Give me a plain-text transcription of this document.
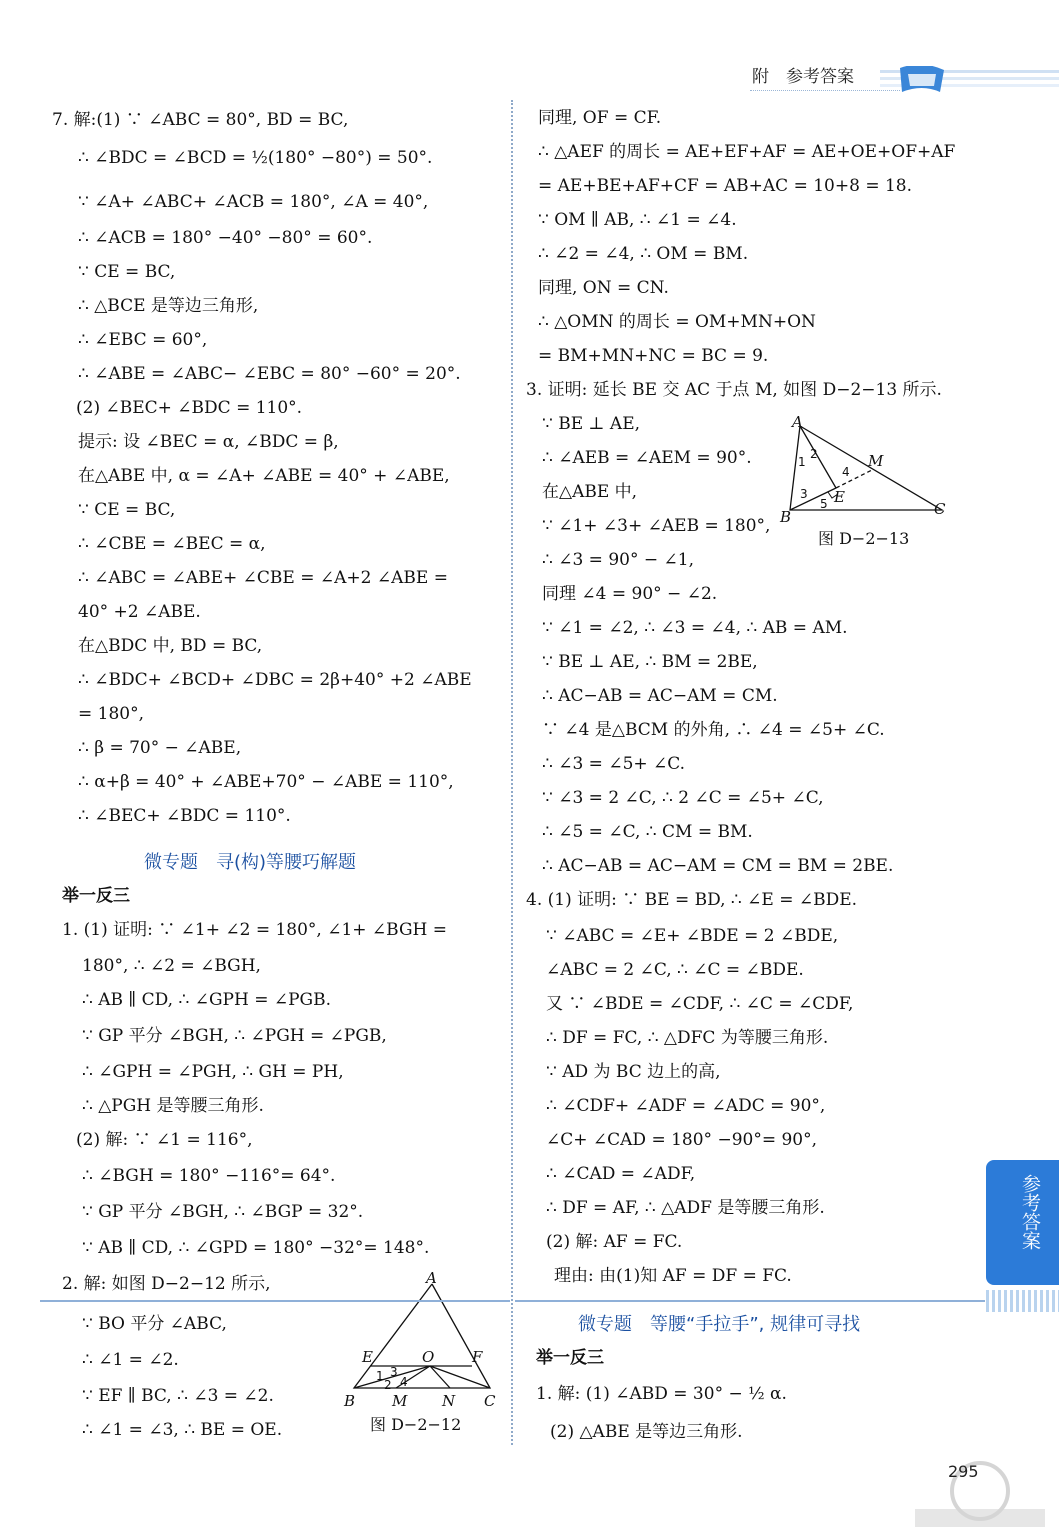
附　参考答案
7. 解:(1) ∵ ∠ABC = 80°, BD = BC,
∴ ∠BDC = ∠BCD = ½(180° −80°) = 50°.
∵ ∠A+ ∠ABC+ ∠ACB = 180°, ∠A = 40°,
∴ ∠ACB = 180° −40° −80° = 60°.
∵ CE = BC,
∴ △BCE 是等边三角形,
∴ ∠EBC = 60°,
∴ ∠ABE = ∠ABC− ∠EBC = 80° −60° = 20°.
(2) ∠BEC+ ∠BDC = 110°.
提示: 设 ∠BEC = α, ∠BDC = β,
在△ABE 中, α = ∠A+ ∠ABE = 40° + ∠ABE,
∵ CE = BC,
∴ ∠CBE = ∠BEC = α,
∴ ∠ABC = ∠ABE+ ∠CBE = ∠A+2 ∠ABE =
40° +2 ∠ABE.
在△BDC 中, BD = BC,
∴ ∠BDC+ ∠BCD+ ∠DBC = 2β+40° +2 ∠ABE
= 180°,
∴ β = 70° − ∠ABE,
∴ α+β = 40° + ∠ABE+70° − ∠ABE = 110°,
∴ ∠BEC+ ∠BDC = 110°.
微专题　寻(构)等腰巧解题
举一反三
1. (1) 证明: ∵ ∠1+ ∠2 = 180°, ∠1+ ∠BGH =
180°, ∴ ∠2 = ∠BGH,
∴ AB ∥ CD, ∴ ∠GPH = ∠PGB.
∵ GP 平分 ∠BGH, ∴ ∠PGH = ∠PGB,
∴ ∠GPH = ∠PGH, ∴ GH = PH,
∴ △PGH 是等腰三角形.
(2) 解: ∵ ∠1 = 116°,
∴ ∠BGH = 180° −116°= 64°.
∵ GP 平分 ∠BGH, ∴ ∠BGP = 32°.
∵ AB ∥ CD, ∴ ∠GPD = 180° −32°= 148°.
2. 解: 如图 D−2−12 所示,
∵ BO 平分 ∠ABC,
∴ ∠1 = ∠2.
∵ EF ∥ BC, ∴ ∠3 = ∠2.
∴ ∠1 = ∠3, ∴ BE = OE.
A
B	C
E	F
O
M N
1
2
3
4
图 D−2−12
同理, OF = CF.
∴ △AEF 的周长 = AE+EF+AF = AE+OE+OF+AF
= AE+BE+AF+CF = AB+AC = 10+8 = 18.
∵ OM ∥ AB, ∴ ∠1 = ∠4.
∴ ∠2 = ∠4, ∴ OM = BM.
同理, ON = CN.
∴ △OMN 的周长 = OM+MN+ON
= BM+MN+NC = BC = 9.
3. 证明: 延长 BE 交 AC 于点 M, 如图 D−2−13 所示.
∵ BE ⊥ AE,
∴ ∠AEB = ∠AEM = 90°.
在△ABE 中,
∵ ∠1+ ∠3+ ∠AEB = 180°,
∴ ∠3 = 90° − ∠1,
同理 ∠4 = 90° − ∠2.
∵ ∠1 = ∠2, ∴ ∠3 = ∠4, ∴ AB = AM.
∵ BE ⊥ AE, ∴ BM = 2BE,
∴ AC−AB = AC−AM = CM.
∵ ∠4 是△BCM 的外角, ∴ ∠4 = ∠5+ ∠C.
∴ ∠3 = ∠5+ ∠C.
∵ ∠3 = 2 ∠C, ∴ 2 ∠C = ∠5+ ∠C,
∴ ∠5 = ∠C, ∴ CM = BM.
∴ AC−AB = AC−AM = CM = BM = 2BE.
4. (1) 证明: ∵ BE = BD, ∴ ∠E = ∠BDE.
∵ ∠ABC = ∠E+ ∠BDE = 2 ∠BDE,
∠ABC = 2 ∠C, ∴ ∠C = ∠BDE.
又 ∵ ∠BDE = ∠CDF, ∴ ∠C = ∠CDF,
∴ DF = FC, ∴ △DFC 为等腰三角形.
∵ AD 为 BC 边上的高,
∴ ∠CDF+ ∠ADF = ∠ADC = 90°,
∠C+ ∠CAD = 180° −90°= 90°,
∴ ∠CAD = ∠ADF,
∴ DF = AF, ∴ △ADF 是等腰三角形.
(2) 解: AF = FC.
理由: 由(1)知 AF = DF = FC.
微专题　等腰“手拉手”, 规律可寻找
举一反三
1. 解: (1) ∠ABD = 30° − ½ α.
(2) △ABE 是等边三角形.
A
B	C
E
M
1
2
3
4
5
图 D−2−13
参考答案
295
